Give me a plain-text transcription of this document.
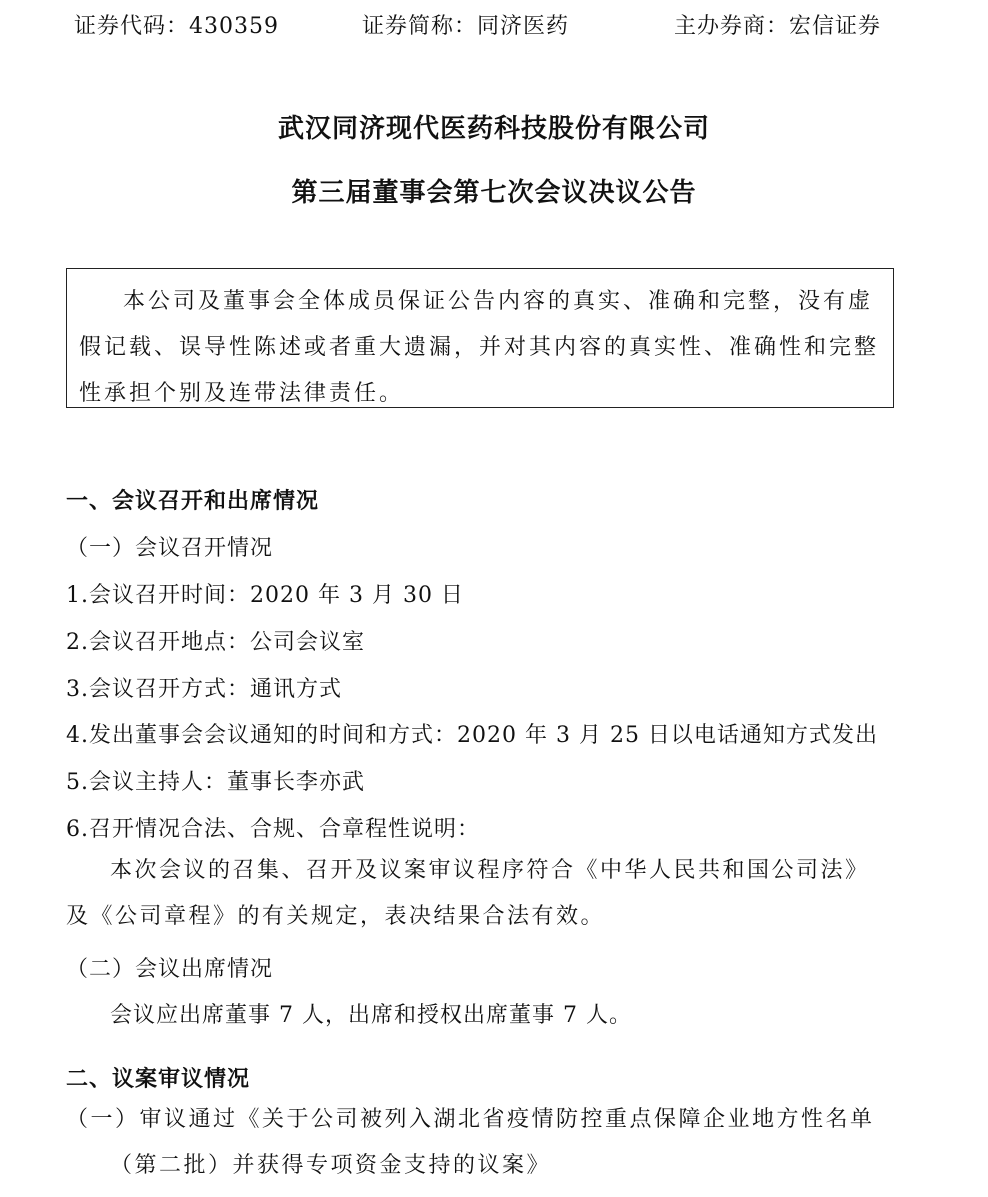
证券代码：430359	证券简称：同济医药	主办券商：宏信证券
武汉同济现代医药科技股份有限公司
第三届董事会第七次会议决议公告
本公司及董事会全体成员保证公告内容的真实、准确和完整，没有虚假记载、误导性陈述或者重大遗漏，并对其内容的真实性、准确性和完整性承担个别及连带法律责任。
一、会议召开和出席情况
（一）会议召开情况
1.会议召开时间：2020 年 3 月 30 日
2.会议召开地点：公司会议室
3.会议召开方式：通讯方式
4.发出董事会会议通知的时间和方式：2020 年 3 月 25 日以电话通知方式发出
5.会议主持人：董事长李亦武
6.召开情况合法、合规、合章程性说明：
本次会议的召集、召开及议案审议程序符合《中华人民共和国公司法》及《公司章程》的有关规定，表决结果合法有效。
（二）会议出席情况
会议应出席董事 7 人，出席和授权出席董事 7 人。
二、议案审议情况
（一）审议通过《关于公司被列入湖北省疫情防控重点保障企业地方性名单（第二批）并获得专项资金支持的议案》
